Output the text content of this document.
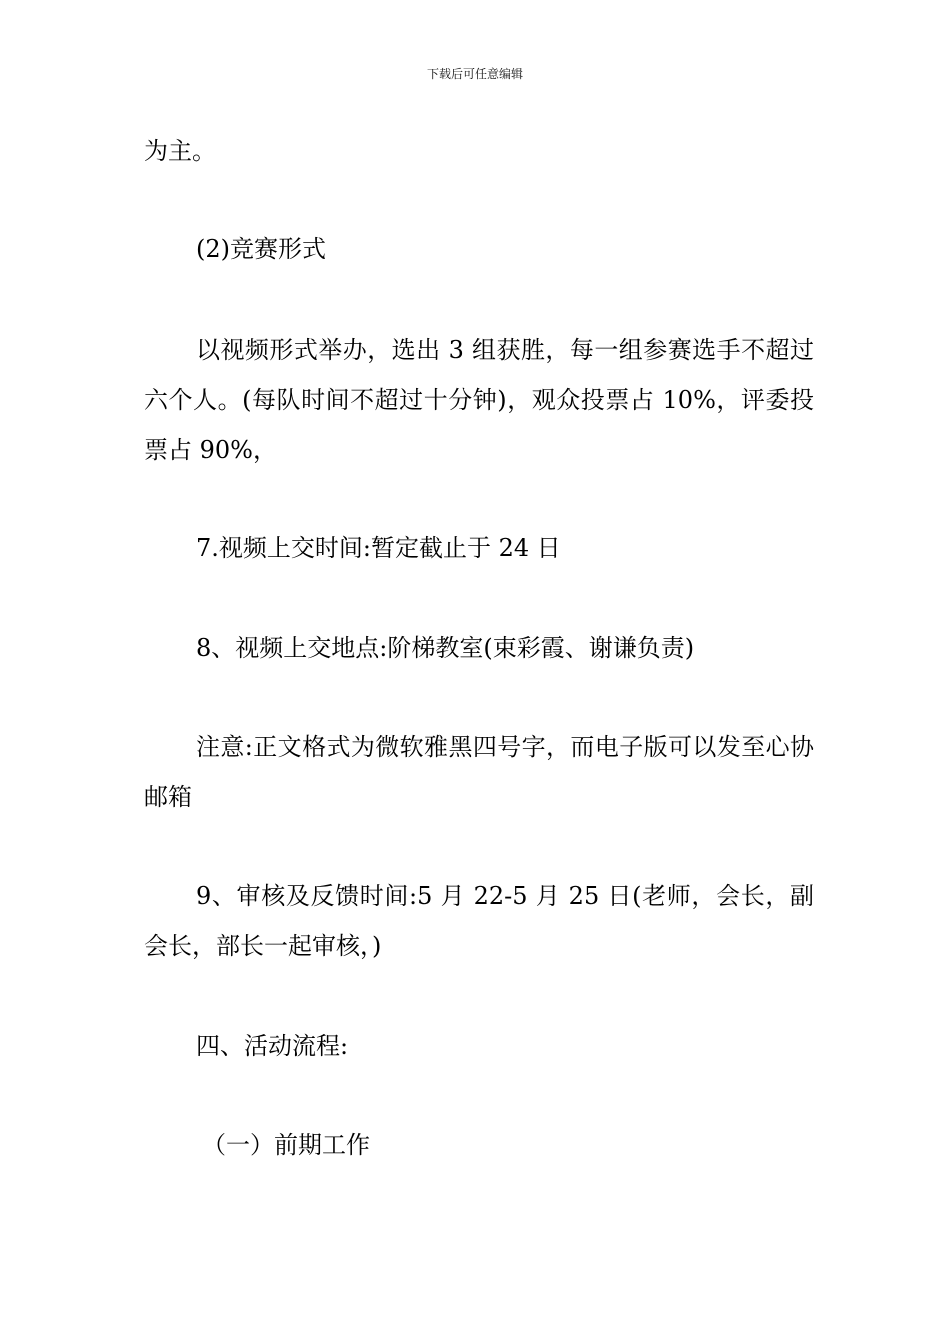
下载后可任意编辑

为主。

(2)竞赛形式

以视频形式举办，选出 3 组获胜，每一组参赛选手不超过六个人。(每队时间不超过十分钟)，观众投票占 10%，评委投票占 90%，

7.视频上交时间:暂定截止于 24 日

8、视频上交地点:阶梯教室(束彩霞、谢谦负责)

注意:正文格式为微软雅黑四号字，而电子版可以发至心协邮箱

9、审核及反馈时间:5 月 22-5 月 25 日(老师，会长，副会长，部长一起审核，)

四、活动流程:

（一）前期工作
